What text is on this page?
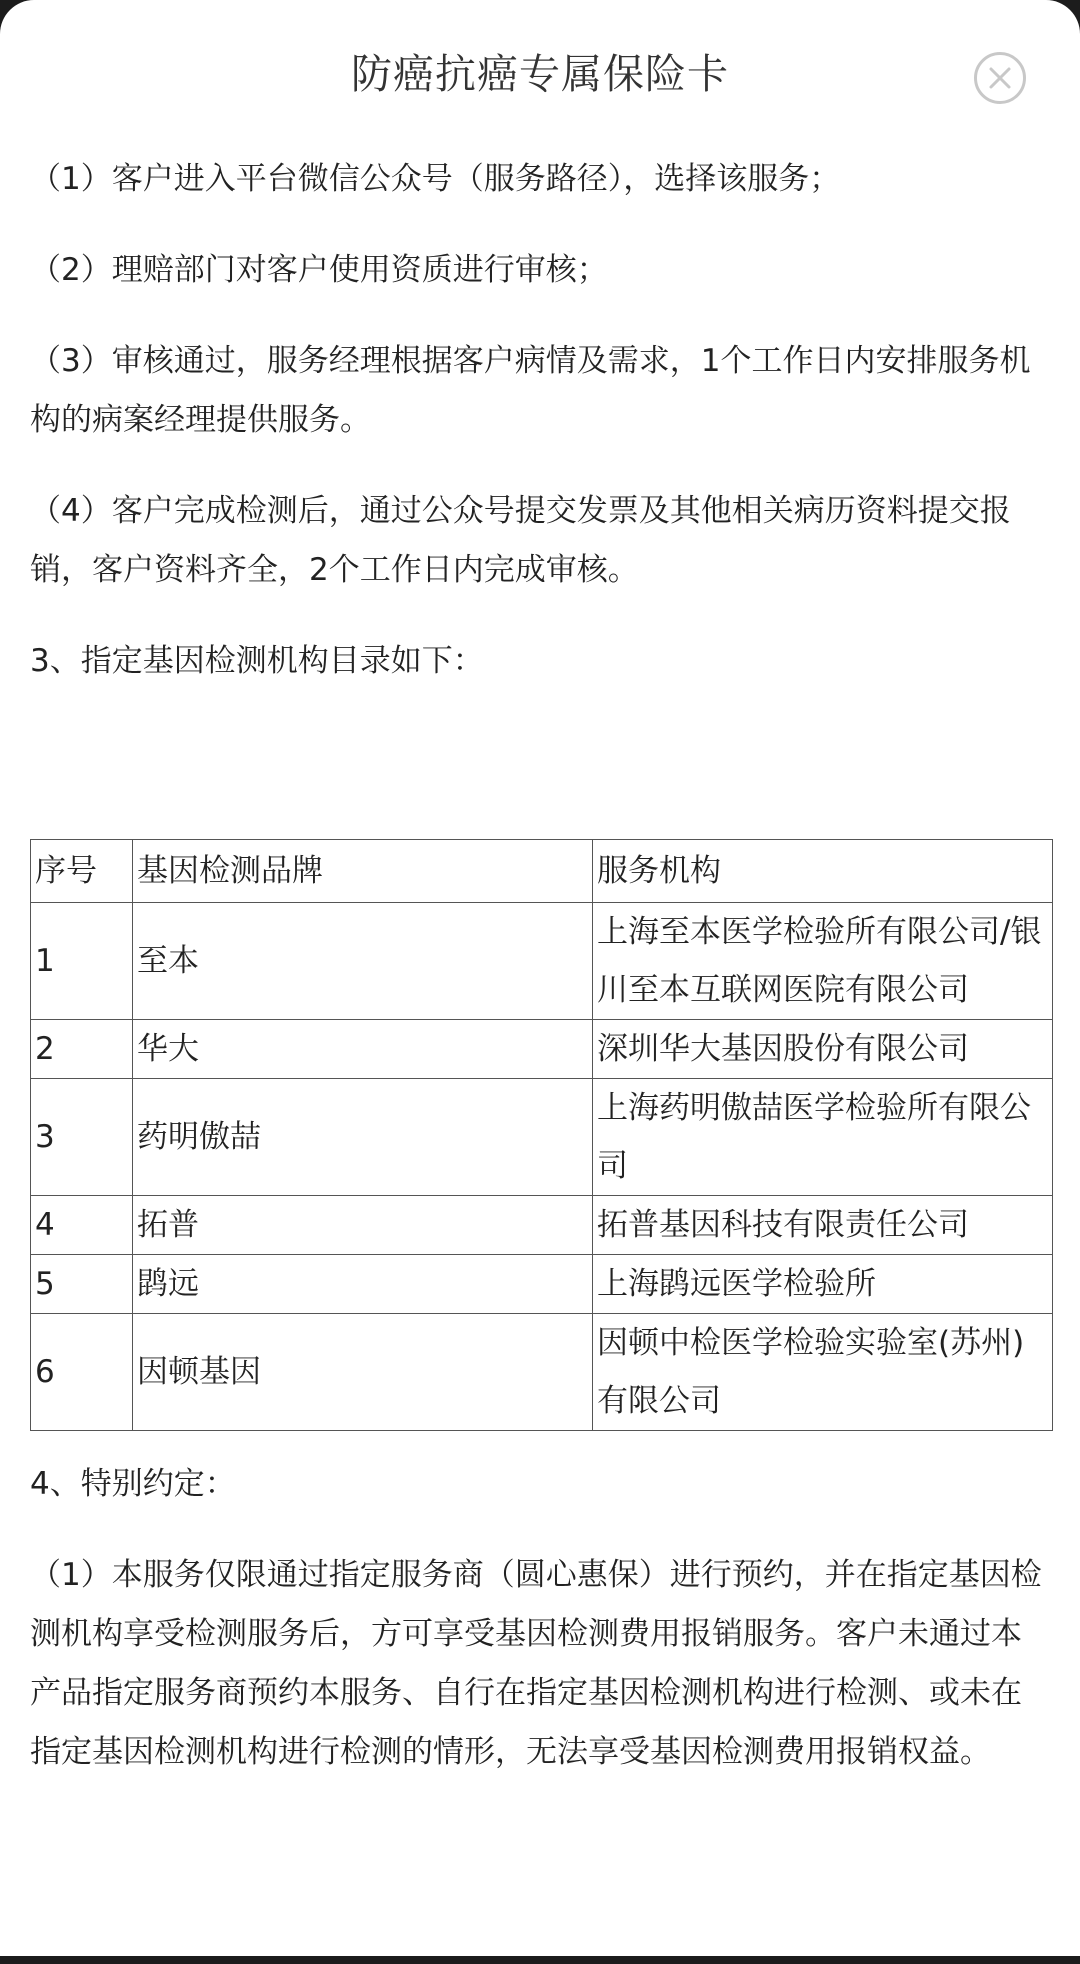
防癌抗癌专属保险卡

（1）客户进入平台微信公众号（服务路径），选择该服务；

（2）理赔部门对客户使用资质进行审核；

（3）审核通过，服务经理根据客户病情及需求，1个工作日内安排服务机构的病案经理提供服务。

（4）客户完成检测后，通过公众号提交发票及其他相关病历资料提交报销，客户资料齐全，2个工作日内完成审核。

3、指定基因检测机构目录如下：

序号	基因检测品牌	服务机构
1	至本	上海至本医学检验所有限公司/银川至本互联网医院有限公司
2	华大	深圳华大基因股份有限公司
3	药明傲喆	上海药明傲喆医学检验所有限公司
4	拓普	拓普基因科技有限责任公司
5	鹍远	上海鹍远医学检验所
6	因顿基因	因顿中检医学检验实验室(苏州)有限公司

4、特别约定：

（1）本服务仅限通过指定服务商（圆心惠保）进行预约，并在指定基因检测机构享受检测服务后，方可享受基因检测费用报销服务。客户未通过本产品指定服务商预约本服务、自行在指定基因检测机构进行检测、或未在指定基因检测机构进行检测的情形，无法享受基因检测费用报销权益。
